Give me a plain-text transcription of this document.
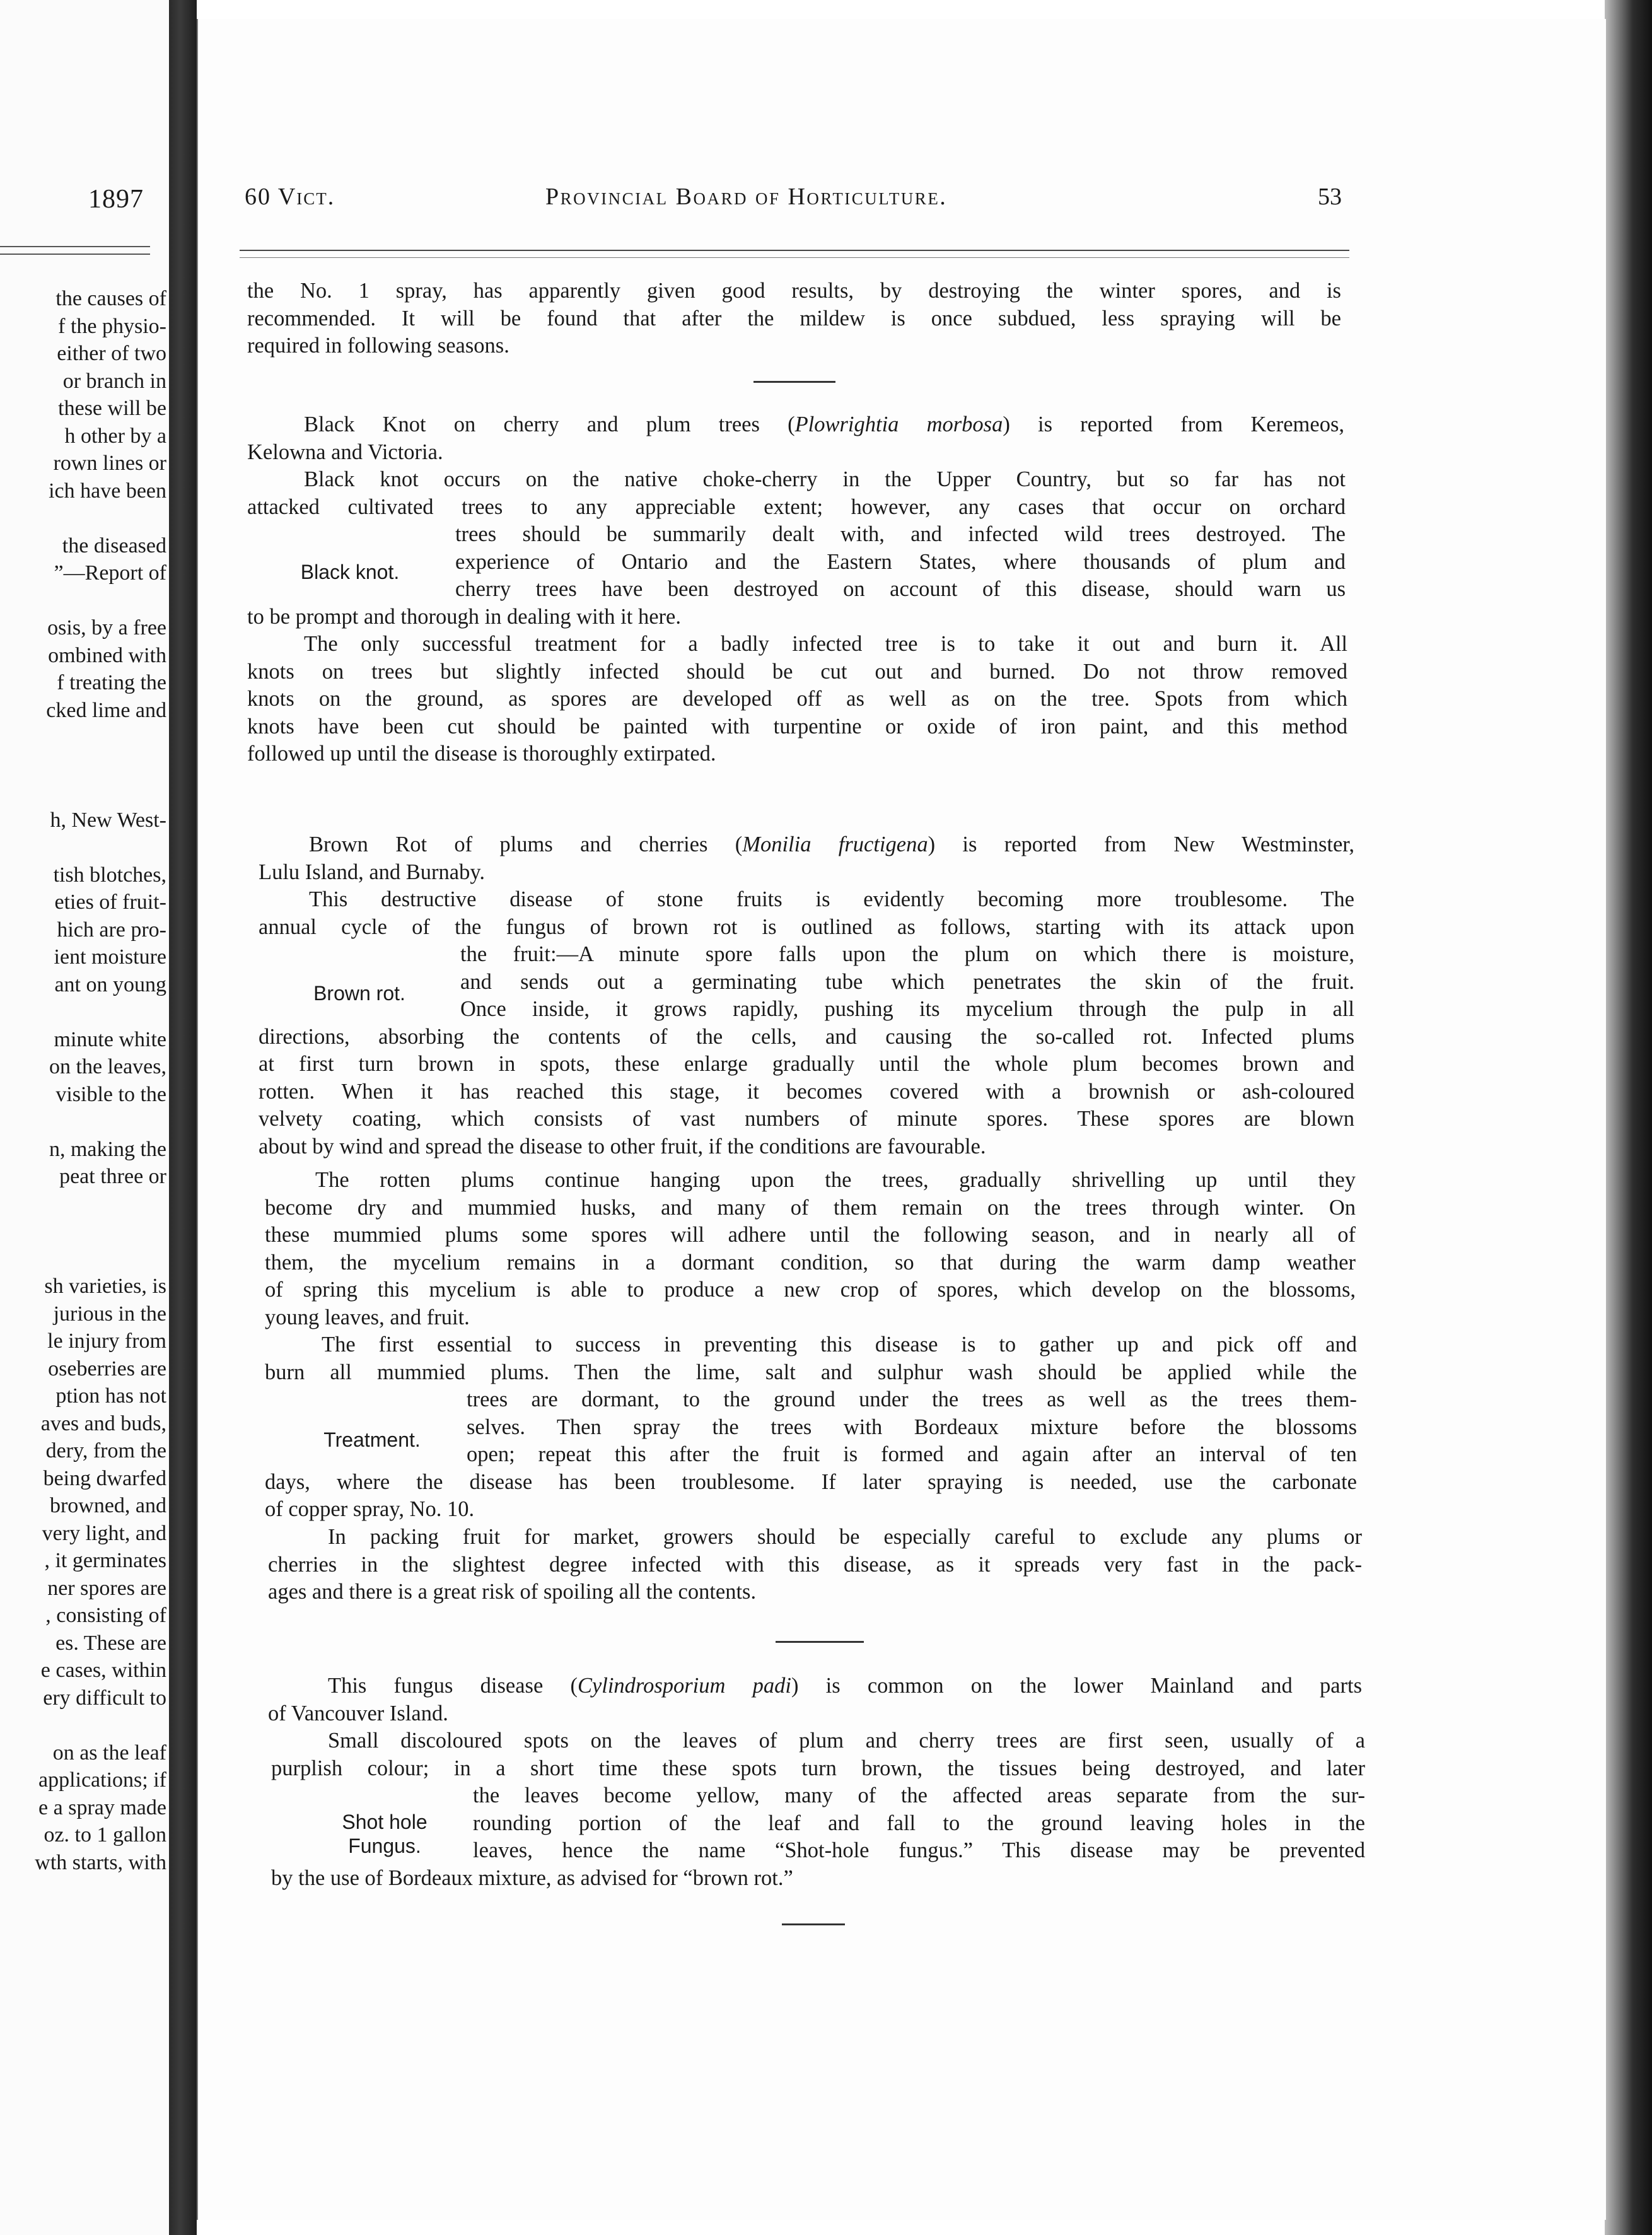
1897
the causes of
f the physio-
either of two
or branch in
these will be
h other by a
rown lines or
ich have been
the diseased
”—Report of
osis, by a free
ombined with
f treating the
cked lime and
h, New West-
tish blotches,
eties of fruit-
hich are pro-
ient moisture
ant on young
minute white
on the leaves,
visible to the
n, making the
peat three or
sh varieties, is
jurious in the
le injury from
oseberries are
ption has not
aves and buds,
dery, from the
being dwarfed
browned, and
very light, and
, it germinates
ner spores are
, consisting of
es. These are
e cases, within
ery difficult to
on as the leaf
applications; if
e a spray made
oz. to 1 gallon
wth starts, with
60 Vict.	Provincial Board of Horticulture.	53
the No. 1 spray, has apparently given good results, by destroying the winter spores, and is
recommended. It will be found that after the mildew is once subdued, less spraying will be
required in following seasons.
Black Knot on cherry and plum trees (Plowrightia morbosa) is reported from Keremeos,
Kelowna and Victoria.
Black knot occurs on the native choke-cherry in the Upper Country, but so far has not
attacked cultivated trees to any appreciable extent; however, any cases that occur on orchard
trees should be summarily dealt with, and infected wild trees destroyed. The
experience of Ontario and the Eastern States, where thousands of plum and
cherry trees have been destroyed on account of this disease, should warn us
to be prompt and thorough in dealing with it here.
Black knot.
The only successful treatment for a badly infected tree is to take it out and burn it. All
knots on trees but slightly infected should be cut out and burned. Do not throw removed
knots on the ground, as spores are developed off as well as on the tree. Spots from which
knots have been cut should be painted with turpentine or oxide of iron paint, and this method
followed up until the disease is thoroughly extirpated.
Brown Rot of plums and cherries (Monilia fructigena) is reported from New Westminster,
Lulu Island, and Burnaby.
This destructive disease of stone fruits is evidently becoming more troublesome. The
annual cycle of the fungus of brown rot is outlined as follows, starting with its attack upon
the fruit:—A minute spore falls upon the plum on which there is moisture,
and sends out a germinating tube which penetrates the skin of the fruit.
Once inside, it grows rapidly, pushing its mycelium through the pulp in all
directions, absorbing the contents of the cells, and causing the so-called rot. Infected plums
at first turn brown in spots, these enlarge gradually until the whole plum becomes brown and
rotten. When it has reached this stage, it becomes covered with a brownish or ash-coloured
velvety coating, which consists of vast numbers of minute spores. These spores are blown
about by wind and spread the disease to other fruit, if the conditions are favourable.
Brown rot.
The rotten plums continue hanging upon the trees, gradually shrivelling up until they
become dry and mummied husks, and many of them remain on the trees through winter. On
these mummied plums some spores will adhere until the following season, and in nearly all of
them, the mycelium remains in a dormant condition, so that during the warm damp weather
of spring this mycelium is able to produce a new crop of spores, which develop on the blossoms,
young leaves, and fruit.
The first essential to success in preventing this disease is to gather up and pick off and
burn all mummied plums. Then the lime, salt and sulphur wash should be applied while the
trees are dormant, to the ground under the trees as well as the trees them-
selves. Then spray the trees with Bordeaux mixture before the blossoms
open; repeat this after the fruit is formed and again after an interval of ten
days, where the disease has been troublesome. If later spraying is needed, use the carbonate
of copper spray, No. 10.
Treatment.
In packing fruit for market, growers should be especially careful to exclude any plums or
cherries in the slightest degree infected with this disease, as it spreads very fast in the pack-
ages and there is a great risk of spoiling all the contents.
This fungus disease (Cylindrosporium padi) is common on the lower Mainland and parts
of Vancouver Island.
Small discoloured spots on the leaves of plum and cherry trees are first seen, usually of a
purplish colour; in a short time these spots turn brown, the tissues being destroyed, and later
the leaves become yellow, many of the affected areas separate from the sur-
rounding portion of the leaf and fall to the ground leaving holes in the
leaves, hence the name “Shot-hole fungus.” This disease may be prevented
by the use of Bordeaux mixture, as advised for “brown rot.”
Shot hole
Fungus.
